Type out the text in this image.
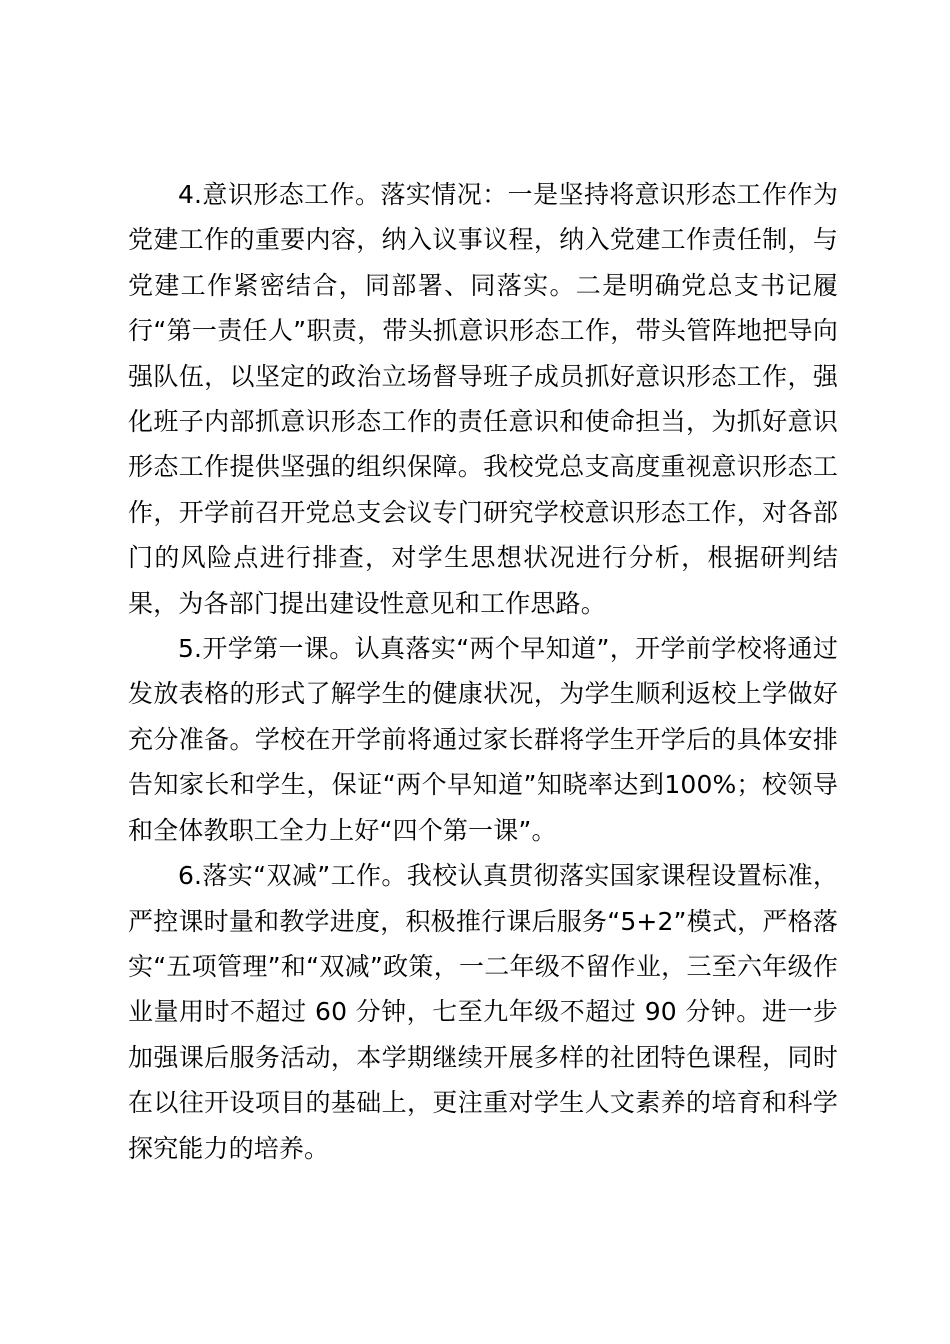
4.意识形态工作。落实情况：一是坚持将意识形态工作作为党建工作的重要内容，纳入议事议程，纳入党建工作责任制，与党建工作紧密结合，同部署、同落实。二是明确党总支书记履行“第一责任人”职责，带头抓意识形态工作，带头管阵地把导向强队伍，以坚定的政治立场督导班子成员抓好意识形态工作，强化班子内部抓意识形态工作的责任意识和使命担当，为抓好意识形态工作提供坚强的组织保障。我校党总支高度重视意识形态工作，开学前召开党总支会议专门研究学校意识形态工作，对各部门的风险点进行排查，对学生思想状况进行分析，根据研判结果，为各部门提出建设性意见和工作思路。

5.开学第一课。认真落实“两个早知道”，开学前学校将通过发放表格的形式了解学生的健康状况，为学生顺利返校上学做好充分准备。学校在开学前将通过家长群将学生开学后的具体安排告知家长和学生，保证“两个早知道”知晓率达到100%；校领导和全体教职工全力上好“四个第一课”。

6.落实“双减”工作。我校认真贯彻落实国家课程设置标准，严控课时量和教学进度，积极推行课后服务“5+2”模式，严格落实“五项管理”和“双减”政策，一二年级不留作业，三至六年级作业量用时不超过 60 分钟，七至九年级不超过 90 分钟。进一步加强课后服务活动，本学期继续开展多样的社团特色课程，同时在以往开设项目的基础上，更注重对学生人文素养的培育和科学探究能力的培养。
